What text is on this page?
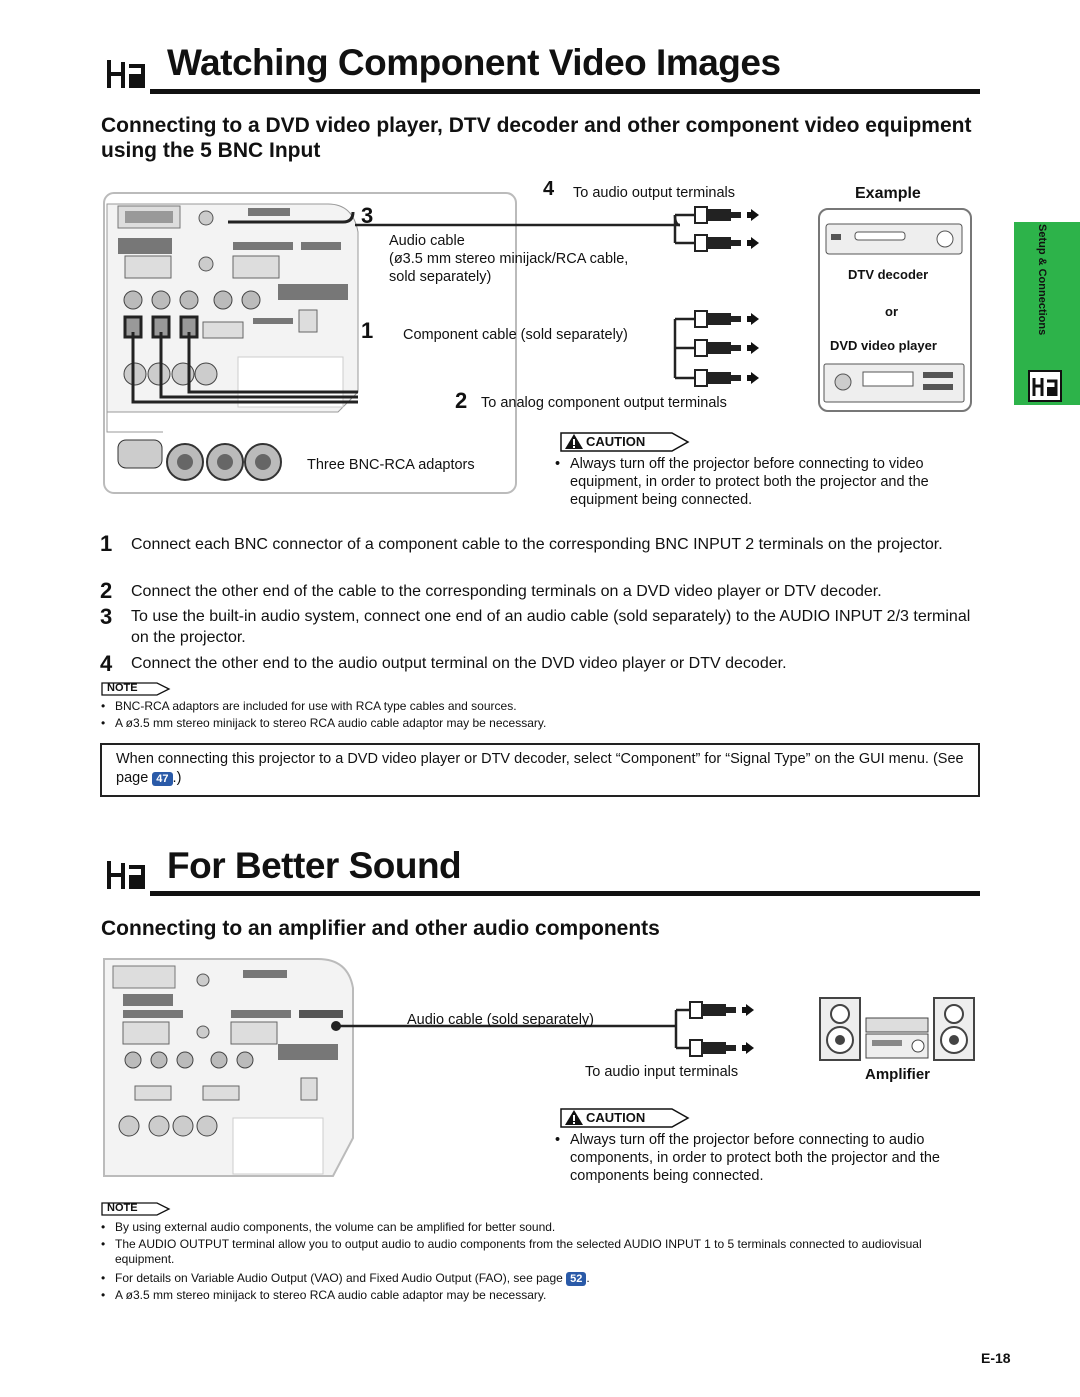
Watching Component Video Images
Connecting to a DVD video player, DTV decoder and other component video equipment using the 5 BNC Input
4 To audio output terminals
3
Audio cable
(ø3.5 mm stereo minijack/RCA cable,
sold separately)
1 Component cable (sold separately)
2 To analog component output terminals
Three BNC-RCA adaptors
Example
DTV decoder
or
DVD video player
CAUTION
• Always turn off the projector before connecting to video equipment, in order to protect both the projector and the equipment being connected.
1 Connect each BNC connector of a component cable to the corresponding BNC INPUT 2 terminals on the projector.
2 Connect the other end of the cable to the corresponding terminals on a DVD video player or DTV decoder.
3 To use the built-in audio system, connect one end of an audio cable (sold separately) to the AUDIO INPUT 2/3 terminal on the projector.
4 Connect the other end to the audio output terminal on the DVD video player or DTV decoder.
NOTE
• BNC-RCA adaptors are included for use with RCA type cables and sources.
• A ø3.5 mm stereo minijack to stereo RCA audio cable adaptor may be necessary.
When connecting this projector to a DVD video player or DTV decoder, select “Component” for “Signal Type” on the GUI menu. (See page 47 .)
For Better Sound
Connecting to an amplifier and other audio components
Audio cable (sold separately)
To audio input terminals	Amplifier
CAUTION
• Always turn off the projector before connecting to audio components, in order to protect both the projector and the components being connected.
NOTE
• By using external audio components, the volume can be amplified for better sound.
• The AUDIO OUTPUT terminal allow you to output audio to audio components from the selected AUDIO INPUT 1 to 5 terminals connected to audiovisual equipment.
• For details on Variable Audio Output (VAO) and Fixed Audio Output (FAO), see page 52 .
• A ø3.5 mm stereo minijack to stereo RCA audio cable adaptor may be necessary.
Setup & Connections
E-18
